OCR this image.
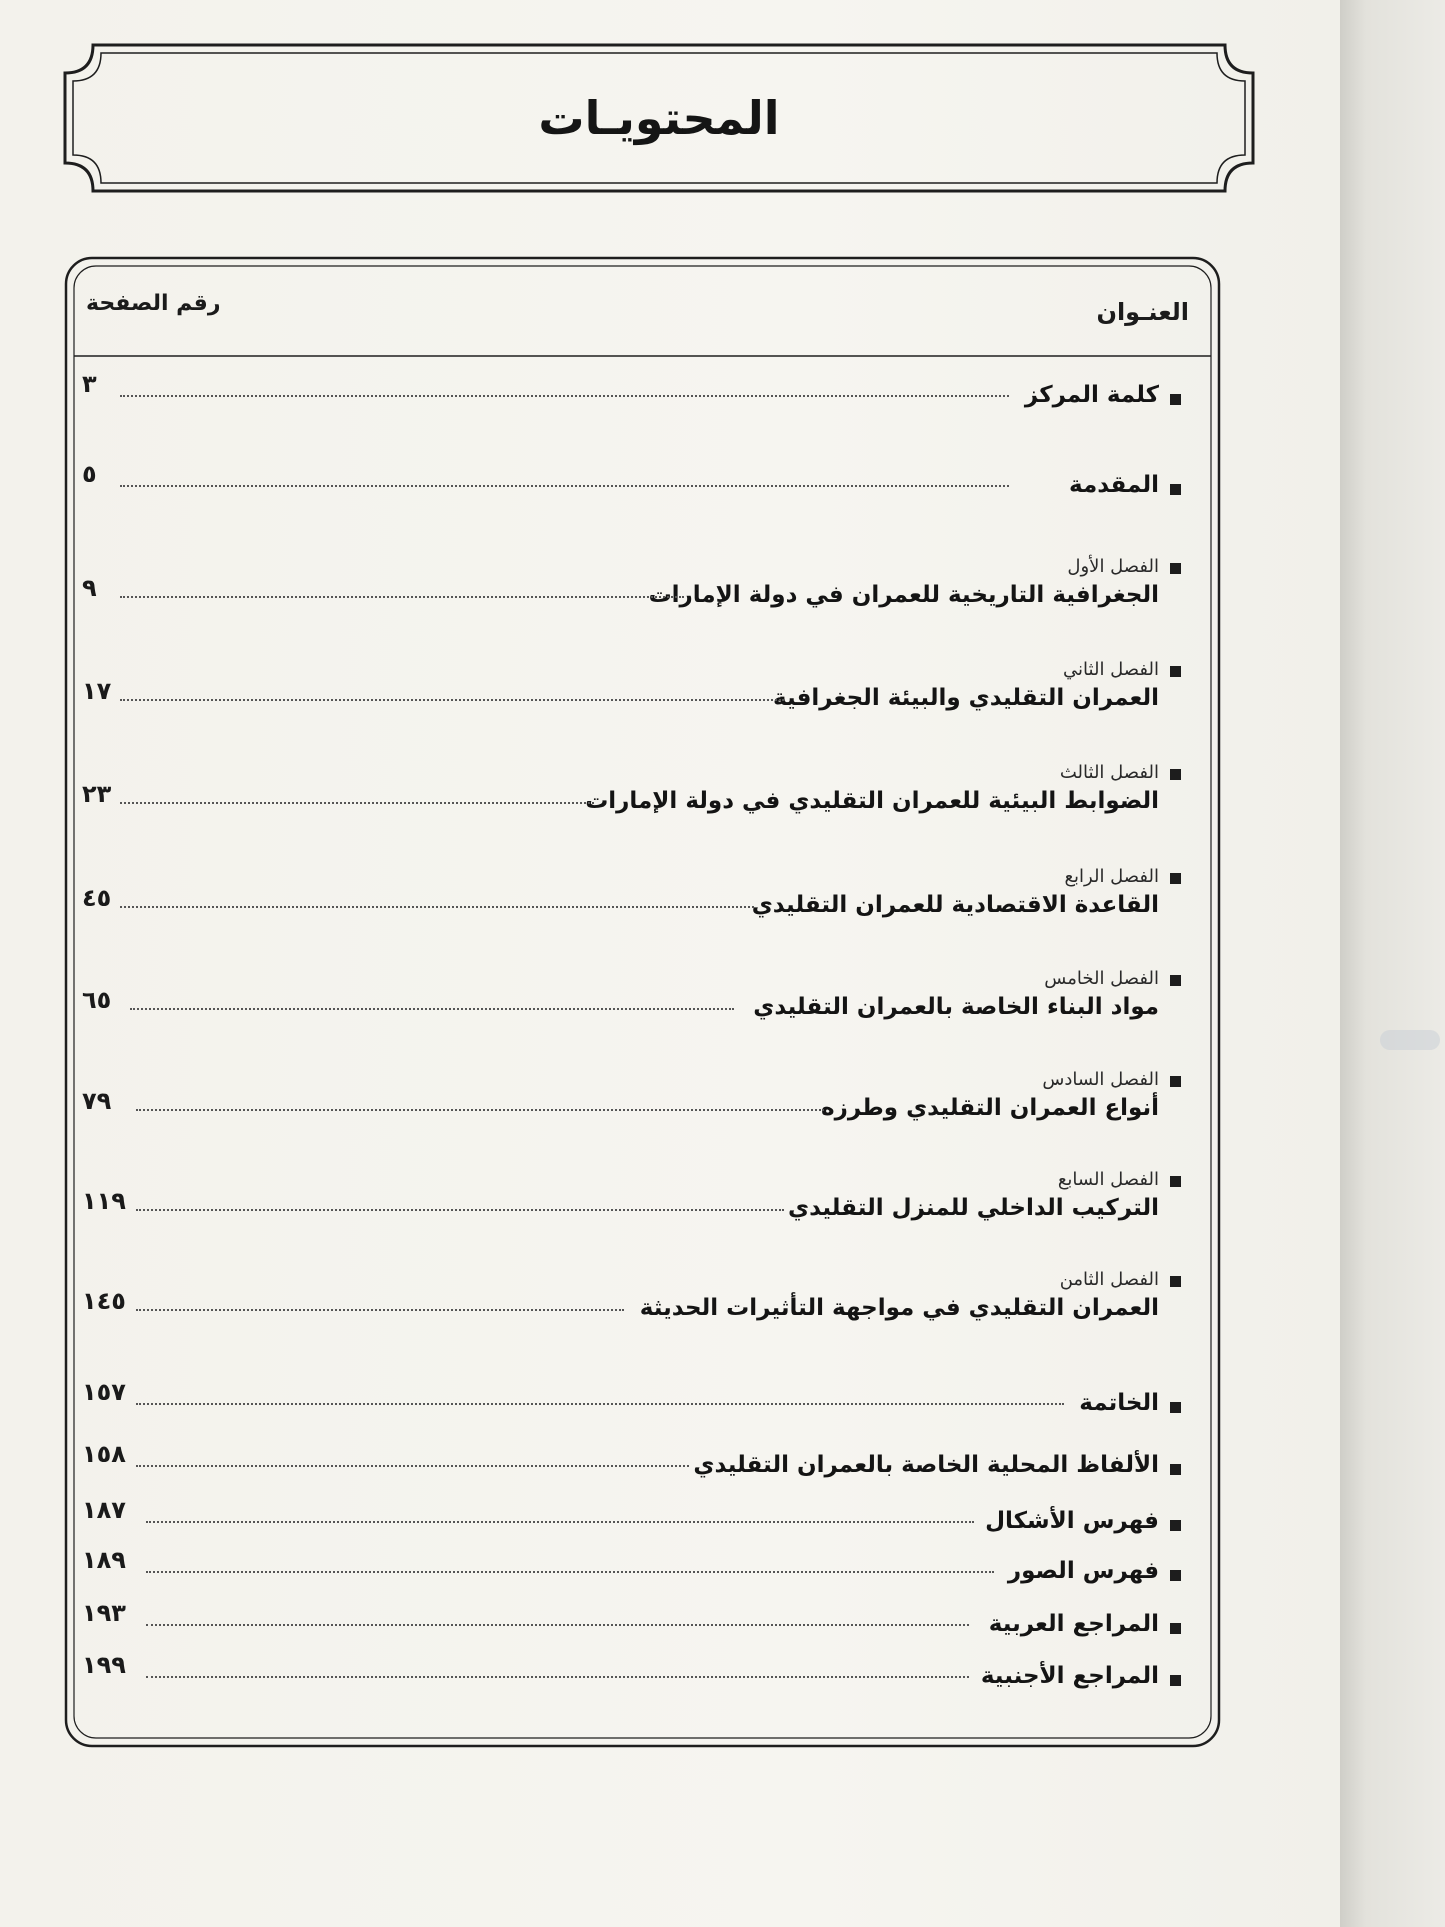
المحتويـات
العنـوان
رقم الصفحة
كلمة المركز
٣
المقدمة
٥
الفصل الأول
الجغرافية التاريخية للعمران في دولة الإمارات
٩
الفصل الثاني
العمران التقليدي والبيئة الجغرافية
١٧
الفصل الثالث
الضوابط البيئية للعمران التقليدي في دولة الإمارات
٢٣
الفصل الرابع
القاعدة الاقتصادية للعمران التقليدي
٤٥
الفصل الخامس
مواد البناء الخاصة بالعمران التقليدي
٦٥
الفصل السادس
أنواع العمران التقليدي وطرزه
٧٩
الفصل السابع
التركيب الداخلي للمنزل التقليدي
١١٩
الفصل الثامن
العمران التقليدي في مواجهة التأثيرات الحديثة
١٤٥
الخاتمة
١٥٧
الألفاظ المحلية الخاصة بالعمران التقليدي
١٥٨
فهرس الأشكال
١٨٧
فهرس الصور
١٨٩
المراجع العربية
١٩٣
المراجع الأجنبية
١٩٩
